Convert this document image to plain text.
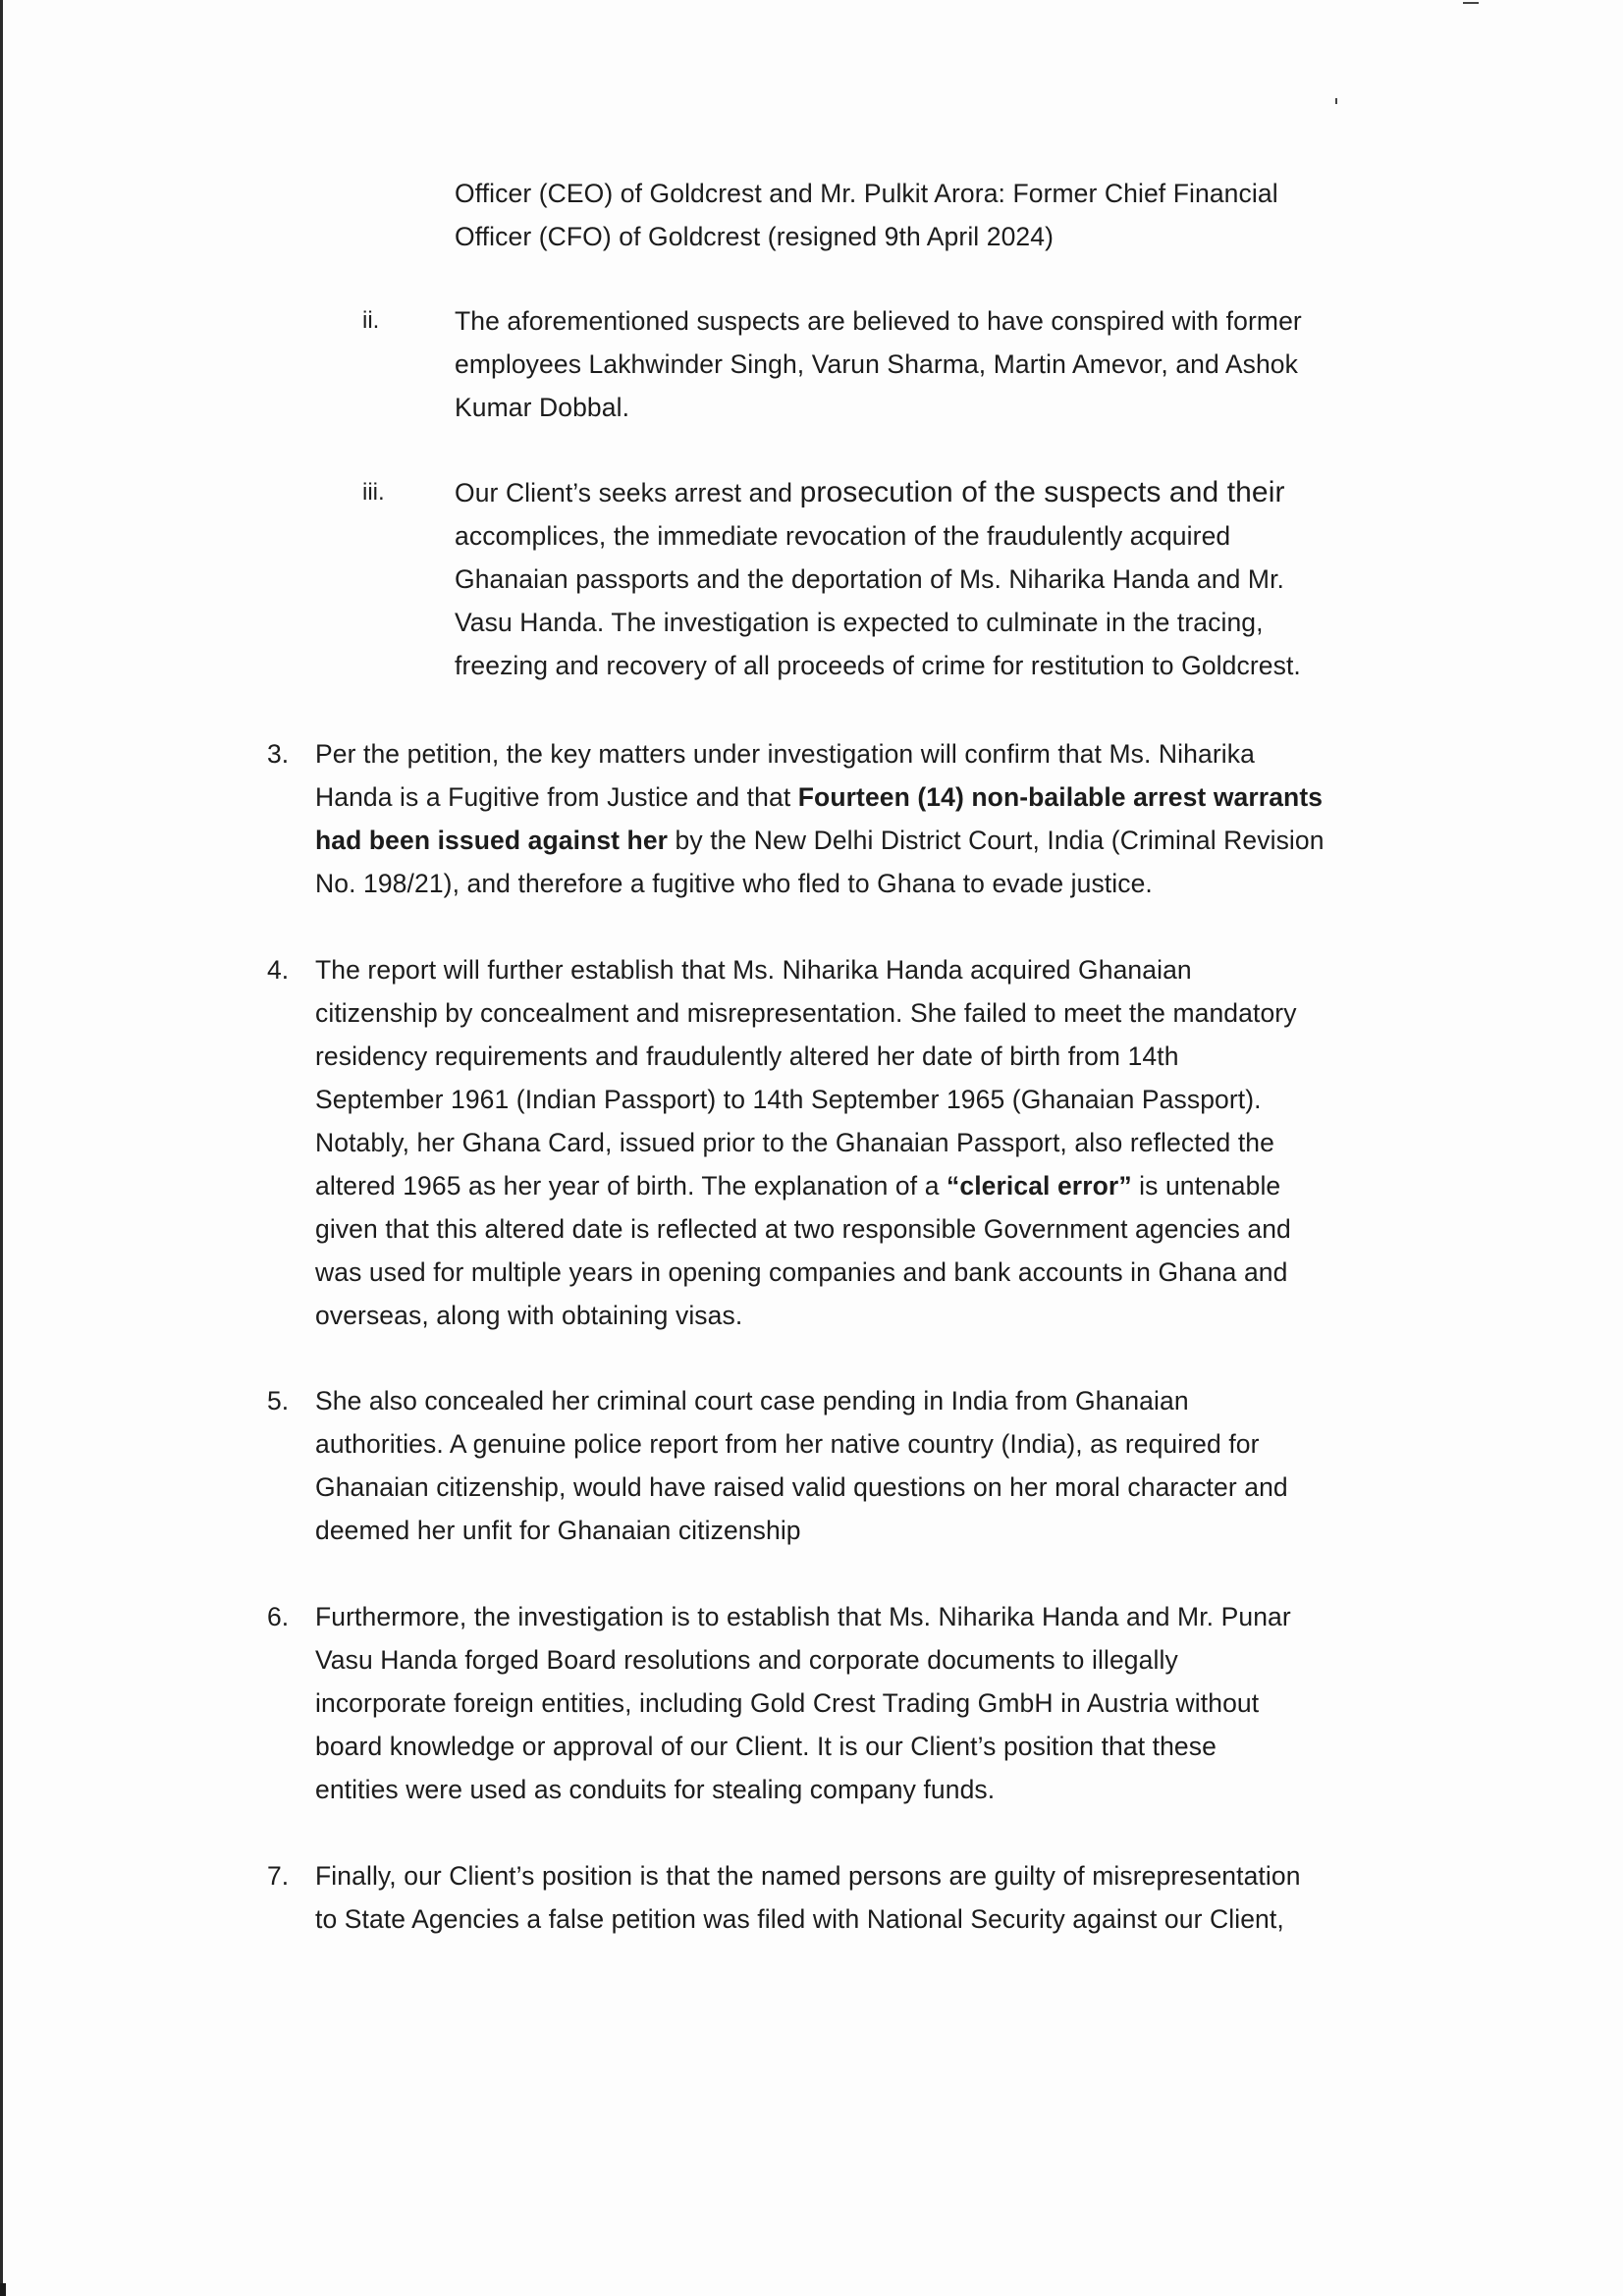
Officer (CEO) of Goldcrest and Mr. Pulkit Arora: Former Chief Financial
Officer (CFO) of Goldcrest (resigned 9th April 2024)
ii.	The aforementioned suspects are believed to have conspired with former
employees Lakhwinder Singh, Varun Sharma, Martin Amevor, and Ashok
Kumar Dobbal.
iii.	Our Client’s seeks arrest and prosecution of the suspects and their
accomplices, the immediate revocation of the fraudulently acquired
Ghanaian passports and the deportation of Ms. Niharika Handa and Mr.
Vasu Handa. The investigation is expected to culminate in the tracing,
freezing and recovery of all proceeds of crime for restitution to Goldcrest.
3. Per the petition, the key matters under investigation will confirm that Ms. Niharika
Handa is a Fugitive from Justice and that Fourteen (14) non-bailable arrest warrants
had been issued against her by the New Delhi District Court, India (Criminal Revision
No. 198/21), and therefore a fugitive who fled to Ghana to evade justice.
4. The report will further establish that Ms. Niharika Handa acquired Ghanaian
citizenship by concealment and misrepresentation. She failed to meet the mandatory
residency requirements and fraudulently altered her date of birth from 14th
September 1961 (Indian Passport) to 14th September 1965 (Ghanaian Passport).
Notably, her Ghana Card, issued prior to the Ghanaian Passport, also reflected the
altered 1965 as her year of birth. The explanation of a “clerical error” is untenable
given that this altered date is reflected at two responsible Government agencies and
was used for multiple years in opening companies and bank accounts in Ghana and
overseas, along with obtaining visas.
5. She also concealed her criminal court case pending in India from Ghanaian
authorities. A genuine police report from her native country (India), as required for
Ghanaian citizenship, would have raised valid questions on her moral character and
deemed her unfit for Ghanaian citizenship
6. Furthermore, the investigation is to establish that Ms. Niharika Handa and Mr. Punar
Vasu Handa forged Board resolutions and corporate documents to illegally
incorporate foreign entities, including Gold Crest Trading GmbH in Austria without
board knowledge or approval of our Client. It is our Client’s position that these
entities were used as conduits for stealing company funds.
7. Finally, our Client’s position is that the named persons are guilty of misrepresentation
to State Agencies a false petition was filed with National Security against our Client,
